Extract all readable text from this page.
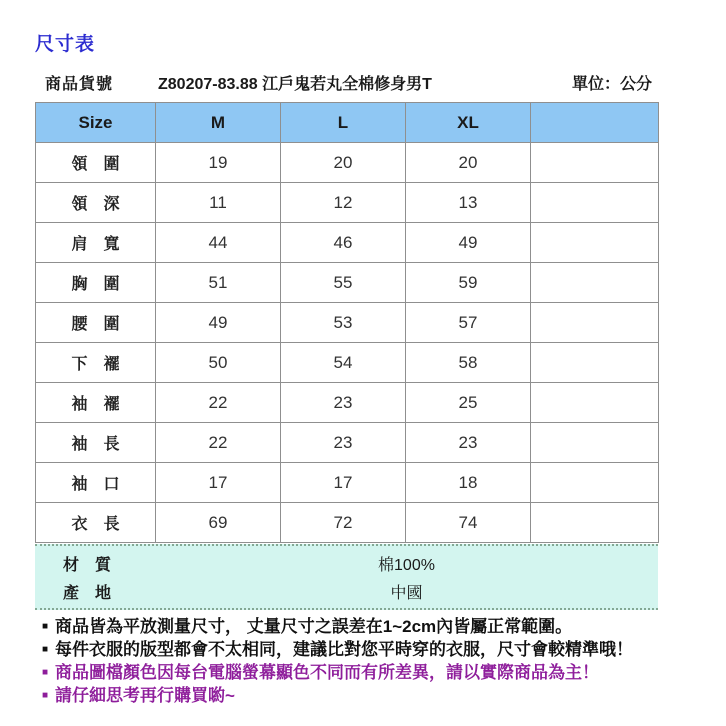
尺寸表
商品貨號	Z80207-83.88 江戶鬼若丸全棉修身男T	單位：公分
Size	M	L	XL	
領　圍	19	20	20	
領　深	11	12	13	
肩　寬	44	46	49	
胸　圍	51	55	59	
腰　圍	49	53	57	
下　襬	50	54	58	
袖　襬	22	23	25	
袖　長	22	23	23	
袖　口	17	17	18	
衣　長	69	72	74	
材　質	棉100%
產　地	中國
■ 商品皆為平放測量尺寸， 丈量尺寸之誤差在1~2cm內皆屬正常範圍。
■ 每件衣服的版型都會不太相同，建議比對您平時穿的衣服，尺寸會較精準哦！
■ 商品圖檔顏色因每台電腦螢幕顯色不同而有所差異，請以實際商品為主！
■ 請仔細思考再行購買喲~
